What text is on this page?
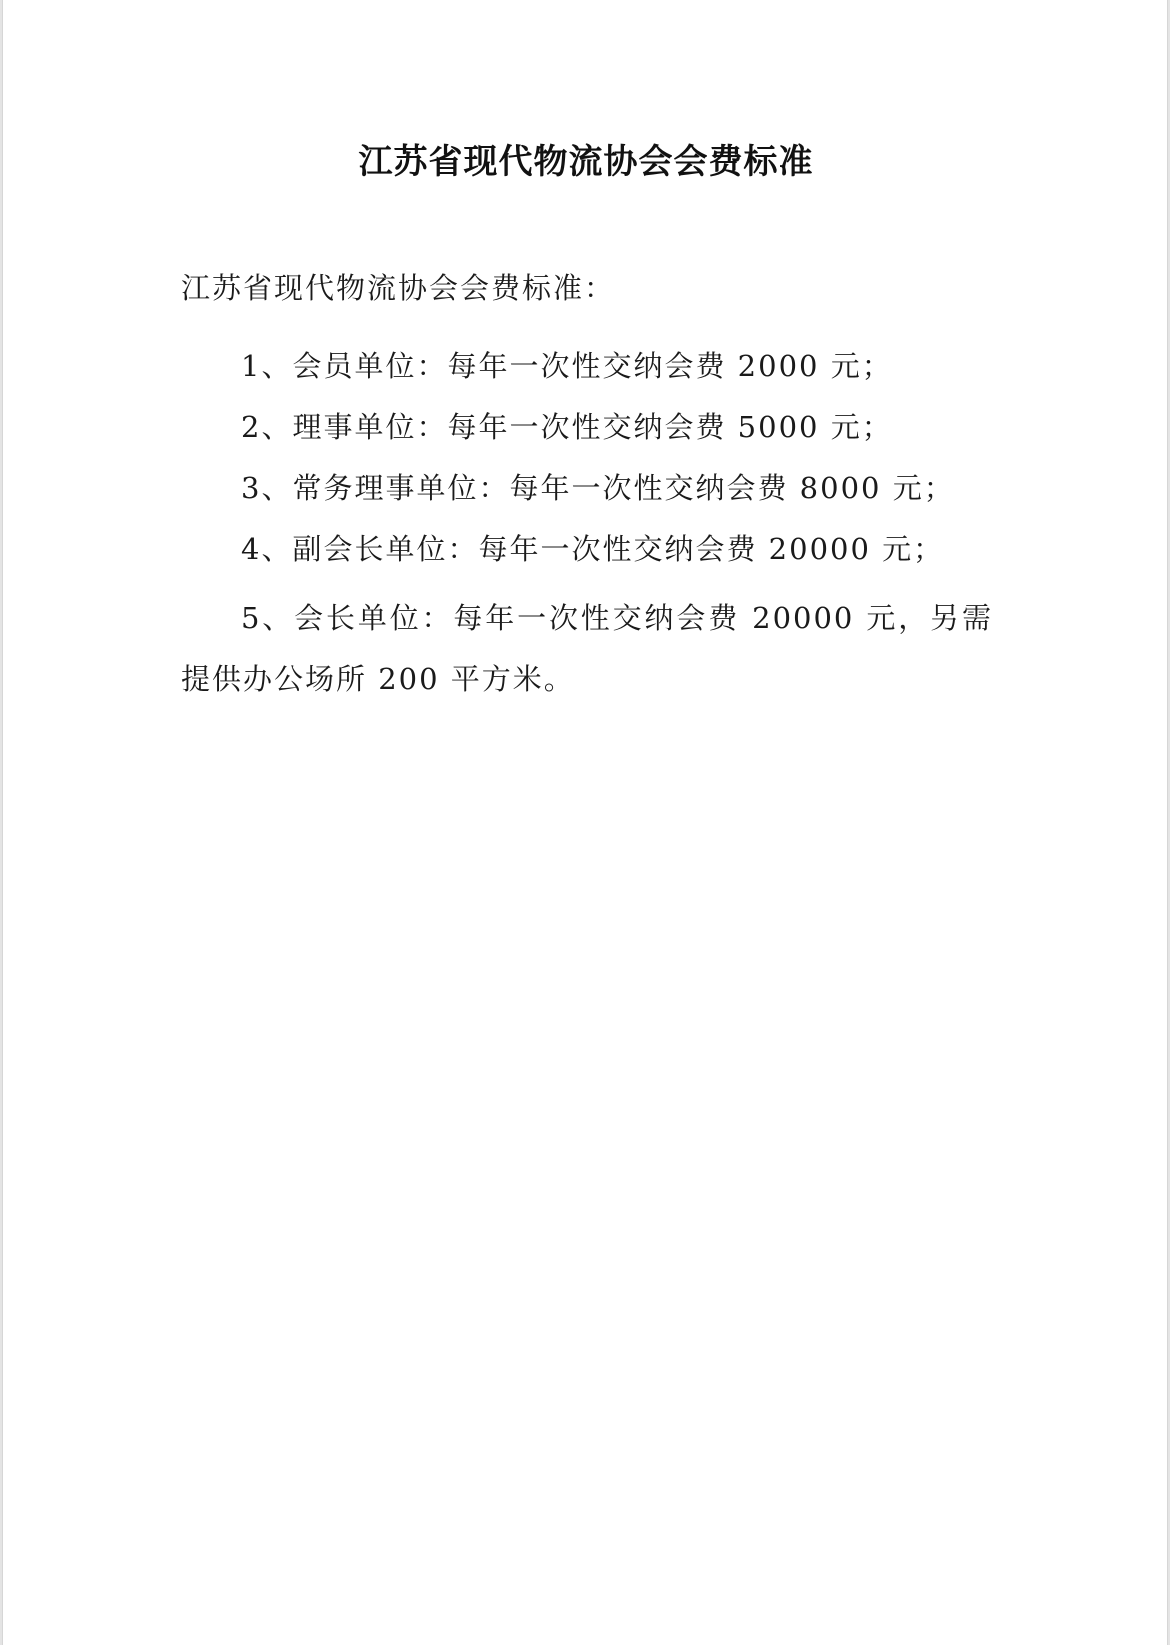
江苏省现代物流协会会费标准

江苏省现代物流协会会费标准：

1、会员单位：每年一次性交纳会费 2000 元；

2、理事单位：每年一次性交纳会费 5000 元；

3、常务理事单位：每年一次性交纳会费 8000 元；

4、副会长单位：每年一次性交纳会费 20000 元；

5、会长单位：每年一次性交纳会费 20000 元，另需提供办公场所 200 平方米。
